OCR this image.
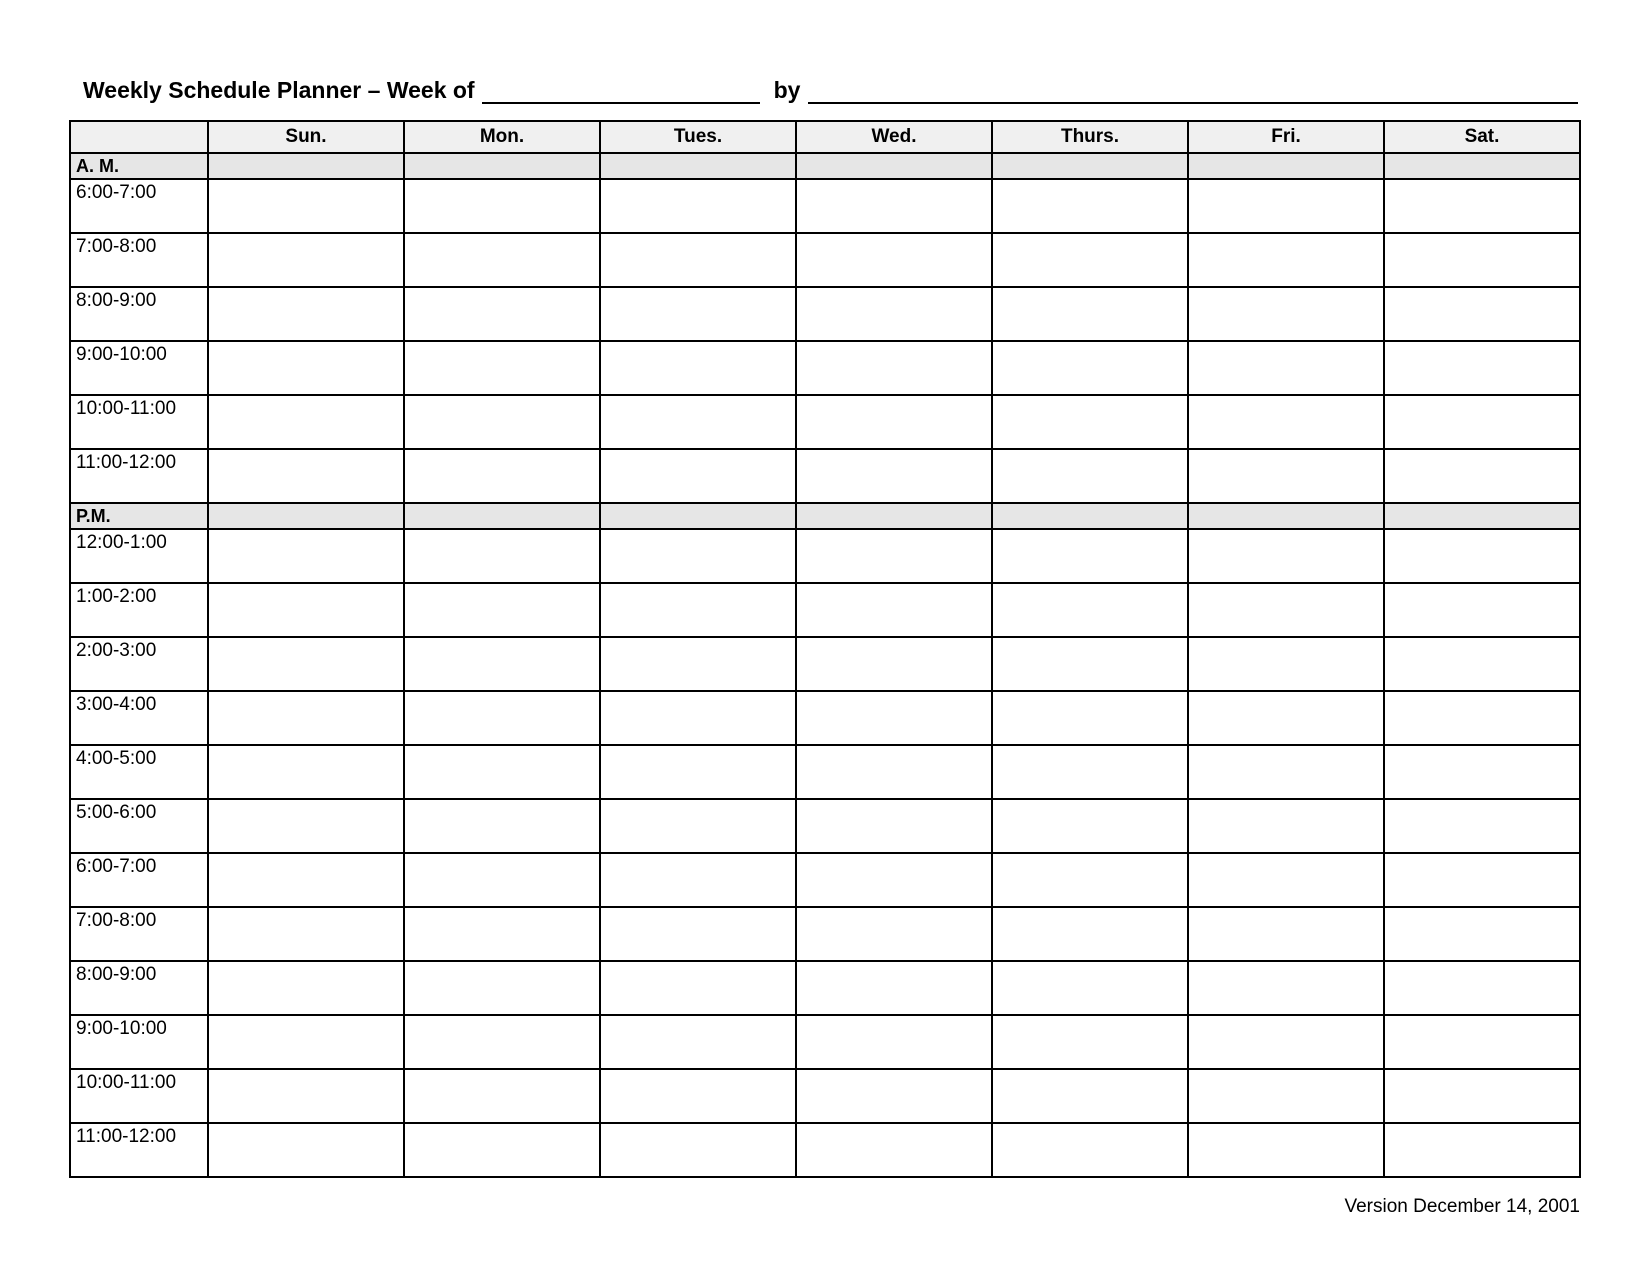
Weekly Schedule Planner – Week of	by
	Sun.	Mon.	Tues.	Wed.	Thurs.	Fri.	Sat.
A. M.							
6:00-7:00							
7:00-8:00							
8:00-9:00							
9:00-10:00							
10:00-11:00							
11:00-12:00							
P.M.							
12:00-1:00							
1:00-2:00							
2:00-3:00							
3:00-4:00							
4:00-5:00							
5:00-6:00							
6:00-7:00							
7:00-8:00							
8:00-9:00							
9:00-10:00							
10:00-11:00							
11:00-12:00							
Version December 14, 2001
